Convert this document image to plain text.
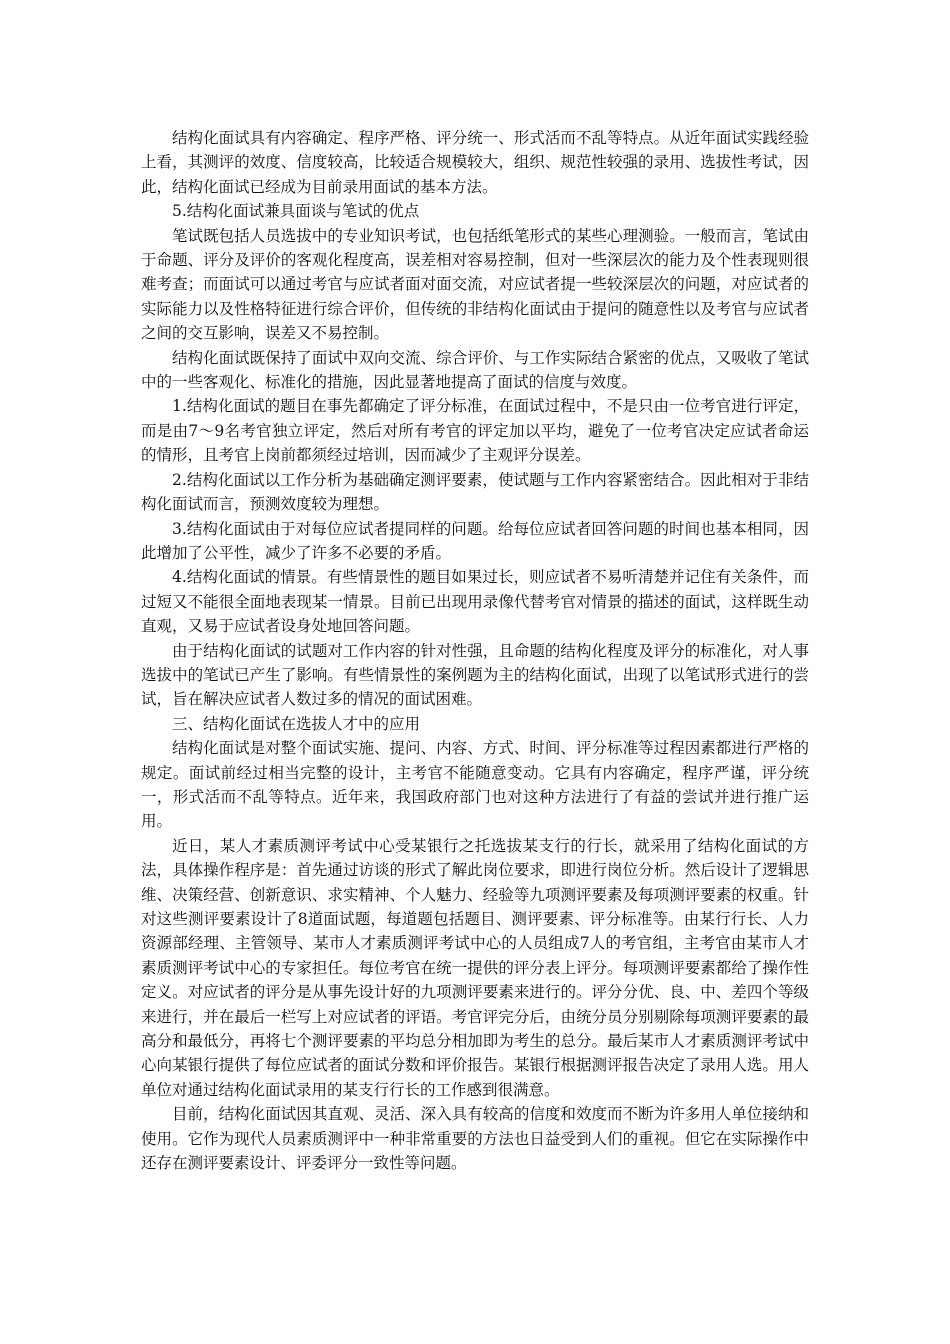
结构化面试具有内容确定、程序严格、评分统一、形式活而不乱等特点。从近年面试实践经验上看，其测评的效度、信度较高，比较适合规模较大，组织、规范性较强的录用、选拔性考试，因此，结构化面试已经成为目前录用面试的基本方法。

5.结构化面试兼具面谈与笔试的优点

笔试既包括人员选拔中的专业知识考试，也包括纸笔形式的某些心理测验。一般而言，笔试由于命题、评分及评价的客观化程度高，误差相对容易控制，但对一些深层次的能力及个性表现则很难考查；而面试可以通过考官与应试者面对面交流，对应试者提一些较深层次的问题，对应试者的实际能力以及性格特征进行综合评价，但传统的非结构化面试由于提问的随意性以及考官与应试者之间的交互影响，误差又不易控制。

结构化面试既保持了面试中双向交流、综合评价、与工作实际结合紧密的优点，又吸收了笔试中的一些客观化、标准化的措施，因此显著地提高了面试的信度与效度。

1.结构化面试的题目在事先都确定了评分标准，在面试过程中，不是只由一位考官进行评定，而是由7～9名考官独立评定，然后对所有考官的评定加以平均，避免了一位考官决定应试者命运的情形，且考官上岗前都须经过培训，因而减少了主观评分误差。

2.结构化面试以工作分析为基础确定测评要素，使试题与工作内容紧密结合。因此相对于非结构化面试而言，预测效度较为理想。

3.结构化面试由于对每位应试者提同样的问题。给每位应试者回答问题的时间也基本相同，因此增加了公平性，减少了许多不必要的矛盾。

4.结构化面试的情景。有些情景性的题目如果过长，则应试者不易听清楚并记住有关条件，而过短又不能很全面地表现某一情景。目前已出现用录像代替考官对情景的描述的面试，这样既生动直观，又易于应试者设身处地回答问题。

由于结构化面试的试题对工作内容的针对性强，且命题的结构化程度及评分的标准化，对人事选拔中的笔试已产生了影响。有些情景性的案例题为主的结构化面试，出现了以笔试形式进行的尝试，旨在解决应试者人数过多的情况的面试困难。

三、结构化面试在选拔人才中的应用

结构化面试是对整个面试实施、提问、内容、方式、时间、评分标准等过程因素都进行严格的规定。面试前经过相当完整的设计，主考官不能随意变动。它具有内容确定，程序严谨，评分统一，形式活而不乱等特点。近年来，我国政府部门也对这种方法进行了有益的尝试并进行推广运用。

近日，某人才素质测评考试中心受某银行之托选拔某支行的行长，就采用了结构化面试的方法，具体操作程序是：首先通过访谈的形式了解此岗位要求，即进行岗位分析。然后设计了逻辑思维、决策经营、创新意识、求实精神、个人魅力、经验等九项测评要素及每项测评要素的权重。针对这些测评要素设计了8道面试题，每道题包括题目、测评要素、评分标准等。由某行行长、人力资源部经理、主管领导、某市人才素质测评考试中心的人员组成7人的考官组，主考官由某市人才素质测评考试中心的专家担任。每位考官在统一提供的评分表上评分。每项测评要素都给了操作性定义。对应试者的评分是从事先设计好的九项测评要素来进行的。评分分优、良、中、差四个等级来进行，并在最后一栏写上对应试者的评语。考官评完分后，由统分员分别剔除每项测评要素的最高分和最低分，再将七个测评要素的平均总分相加即为考生的总分。最后某市人才素质测评考试中心向某银行提供了每位应试者的面试分数和评价报告。某银行根据测评报告决定了录用人选。用人单位对通过结构化面试录用的某支行行长的工作感到很满意。

目前，结构化面试因其直观、灵活、深入具有较高的信度和效度而不断为许多用人单位接纳和使用。它作为现代人员素质测评中一种非常重要的方法也日益受到人们的重视。但它在实际操作中还存在测评要素设计、评委评分一致性等问题。
